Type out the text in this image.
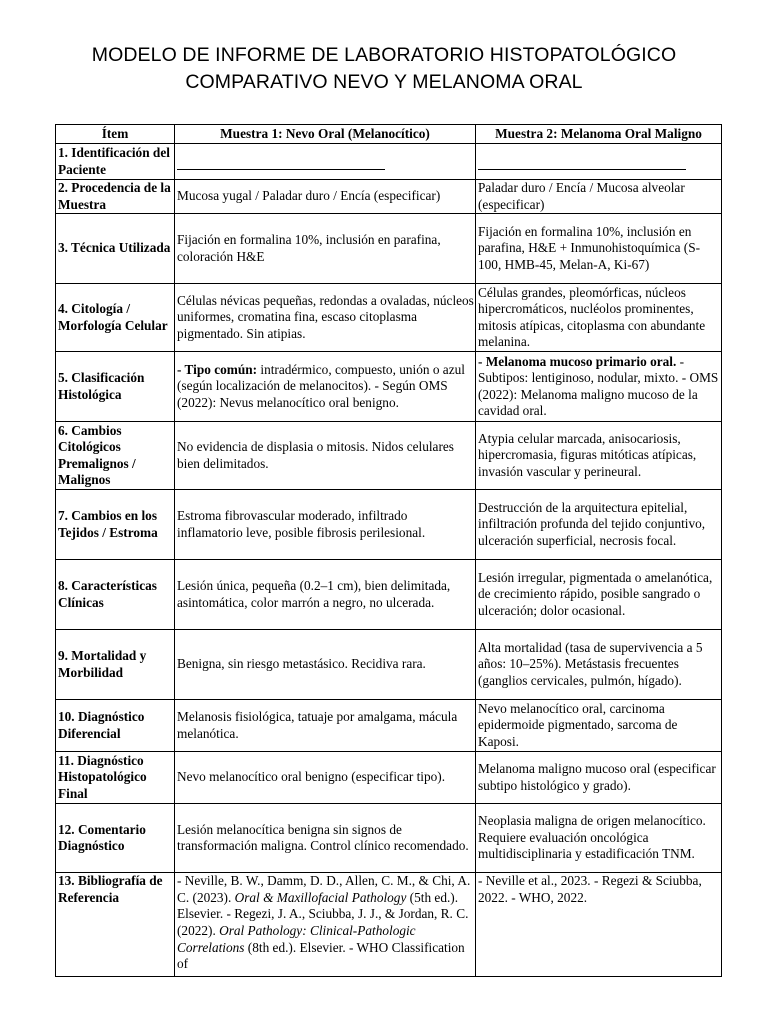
MODELO DE INFORME DE LABORATORIO HISTOPATOLÓGICO
COMPARATIVO NEVO Y MELANOMA ORAL
Ítem	Muestra 1: Nevo Oral (Melanocítico)	Muestra 2: Melanoma Oral Maligno
1. Identificación del Paciente		
2. Procedencia de la Muestra	Mucosa yugal / Paladar duro / Encía (especificar)	Paladar duro / Encía / Mucosa alveolar (especificar)
3. Técnica Utilizada	Fijación en formalina 10%, inclusión en parafina, coloración H&E	Fijación en formalina 10%, inclusión en parafina, H&E + Inmunohistoquímica (S-100, HMB-45, Melan-A, Ki-67)
4. Citología / Morfología Celular	Células névicas pequeñas, redondas a ovaladas, núcleos uniformes, cromatina fina, escaso citoplasma pigmentado. Sin atipias.	Células grandes, pleomórficas, núcleos hipercromáticos, nucléolos prominentes, mitosis atípicas, citoplasma con abundante melanina.
5. Clasificación Histológica	- Tipo común: intradérmico, compuesto, unión o azul (según localización de melanocitos). - Según OMS (2022): Nevus melanocítico oral benigno.	- Melanoma mucoso primario oral. - Subtipos: lentiginoso, nodular, mixto. - OMS (2022): Melanoma maligno mucoso de la cavidad oral.
6. Cambios Citológicos Premalignos / Malignos	No evidencia de displasia o mitosis. Nidos celulares bien delimitados.	Atypia celular marcada, anisocariosis, hipercromasia, figuras mitóticas atípicas, invasión vascular y perineural.
7. Cambios en los Tejidos / Estroma	Estroma fibrovascular moderado, infiltrado inflamatorio leve, posible fibrosis perilesional.	Destrucción de la arquitectura epitelial, infiltración profunda del tejido conjuntivo, ulceración superficial, necrosis focal.
8. Características Clínicas	Lesión única, pequeña (0.2–1 cm), bien delimitada, asintomática, color marrón a negro, no ulcerada.	Lesión irregular, pigmentada o amelanótica, de crecimiento rápido, posible sangrado o ulceración; dolor ocasional.
9. Mortalidad y Morbilidad	Benigna, sin riesgo metastásico. Recidiva rara.	Alta mortalidad (tasa de supervivencia a 5 años: 10–25%). Metástasis frecuentes (ganglios cervicales, pulmón, hígado).
10. Diagnóstico Diferencial	Melanosis fisiológica, tatuaje por amalgama, mácula melanótica.	Nevo melanocítico oral, carcinoma epidermoide pigmentado, sarcoma de Kaposi.
11. Diagnóstico Histopatológico Final	Nevo melanocítico oral benigno (especificar tipo).	Melanoma maligno mucoso oral (especificar subtipo histológico y grado).
12. Comentario Diagnóstico	Lesión melanocítica benigna sin signos de transformación maligna. Control clínico recomendado.	Neoplasia maligna de origen melanocítico. Requiere evaluación oncológica multidisciplinaria y estadificación TNM.
13. Bibliografía de Referencia	- Neville, B. W., Damm, D. D., Allen, C. M., & Chi, A. C. (2023). Oral & Maxillofacial Pathology (5th ed.). Elsevier. - Regezi, J. A., Sciubba, J. J., & Jordan, R. C. (2022). Oral Pathology: Clinical-Pathologic Correlations (8th ed.). Elsevier. - WHO Classification of	- Neville et al., 2023. - Regezi & Sciubba, 2022. - WHO, 2022.
